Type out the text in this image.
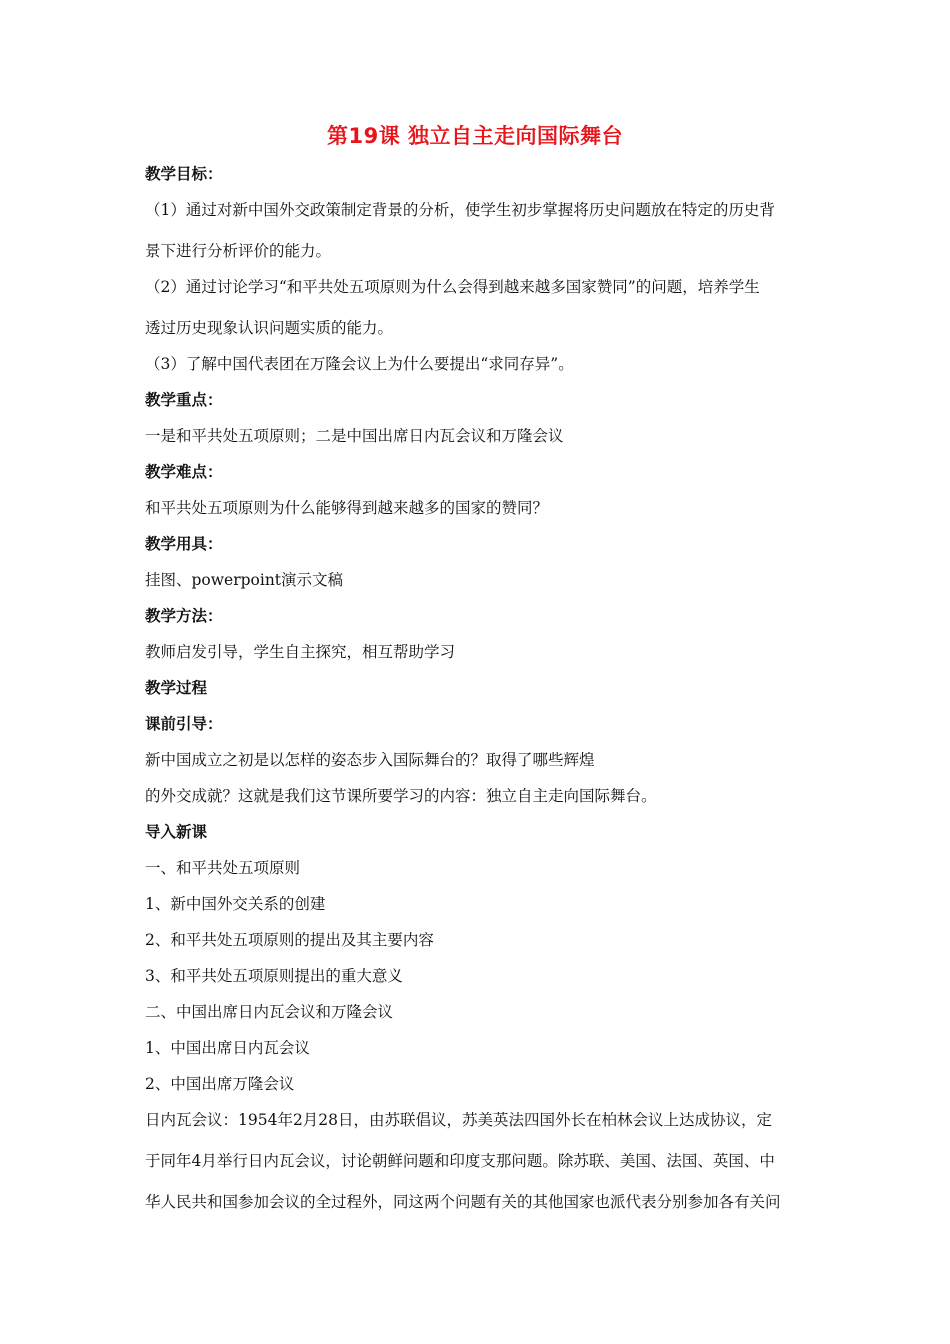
第19课 独立自主走向国际舞台
教学目标：
（1）通过对新中国外交政策制定背景的分析，使学生初步掌握将历史问题放在特定的历史背
景下进行分析评价的能力。
（2）通过讨论学习“和平共处五项原则为什么会得到越来越多国家赞同”的问题，培养学生
透过历史现象认识问题实质的能力。
（3）了解中国代表团在万隆会议上为什么要提出“求同存异”。
教学重点：
一是和平共处五项原则；二是中国出席日内瓦会议和万隆会议
教学难点：
和平共处五项原则为什么能够得到越来越多的国家的赞同？
教学用具：
挂图、powerpoint演示文稿
教学方法：
教师启发引导，学生自主探究，相互帮助学习
教学过程
课前引导：
新中国成立之初是以怎样的姿态步入国际舞台的？取得了哪些辉煌
的外交成就？这就是我们这节课所要学习的内容：独立自主走向国际舞台。
导入新课
一、和平共处五项原则
1、新中国外交关系的创建
2、和平共处五项原则的提出及其主要内容
3、和平共处五项原则提出的重大意义
二、中国出席日内瓦会议和万隆会议
1、中国出席日内瓦会议
2、中国出席万隆会议
日内瓦会议：1954年2月28日，由苏联倡议，苏美英法四国外长在柏林会议上达成协议，定
于同年4月举行日内瓦会议，讨论朝鲜问题和印度支那问题。除苏联、美国、法国、英国、中
华人民共和国参加会议的全过程外，同这两个问题有关的其他国家也派代表分别参加各有关问
